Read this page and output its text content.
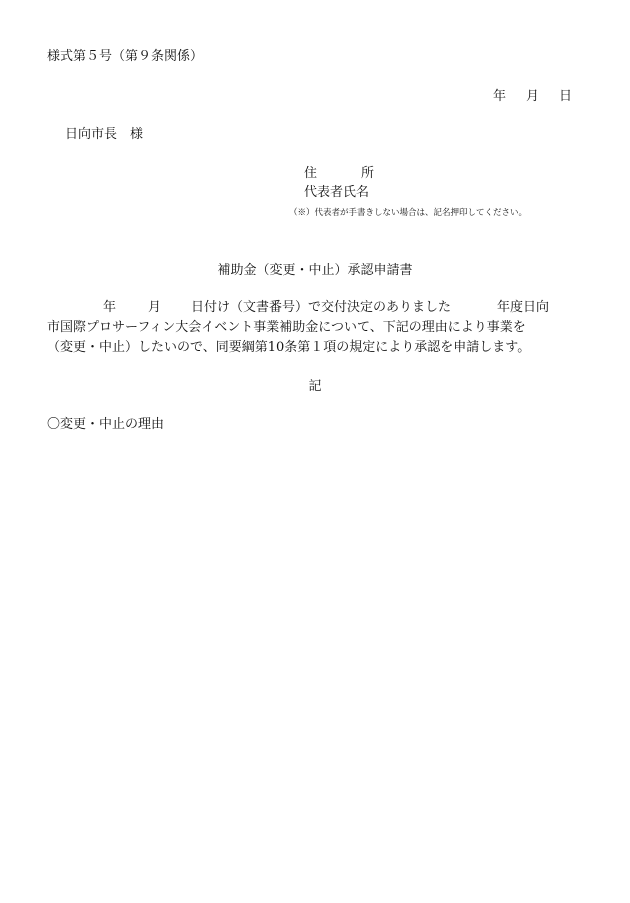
様式第５号（第９条関係）
年 月 日
日向市長　様
住	所
代表者氏名
（※）代表者が手書きしない場合は、記名押印してください。
補助金（変更・中止）承認申請書
年 月 日付け（文書番号）で交付決定のありました	年度日向
市国際プロサーフィン大会イベント事業補助金について、下記の理由により事業を
（変更・中止）したいので、同要綱第10条第１項の規定により承認を申請します。
記
〇変更・中止の理由
